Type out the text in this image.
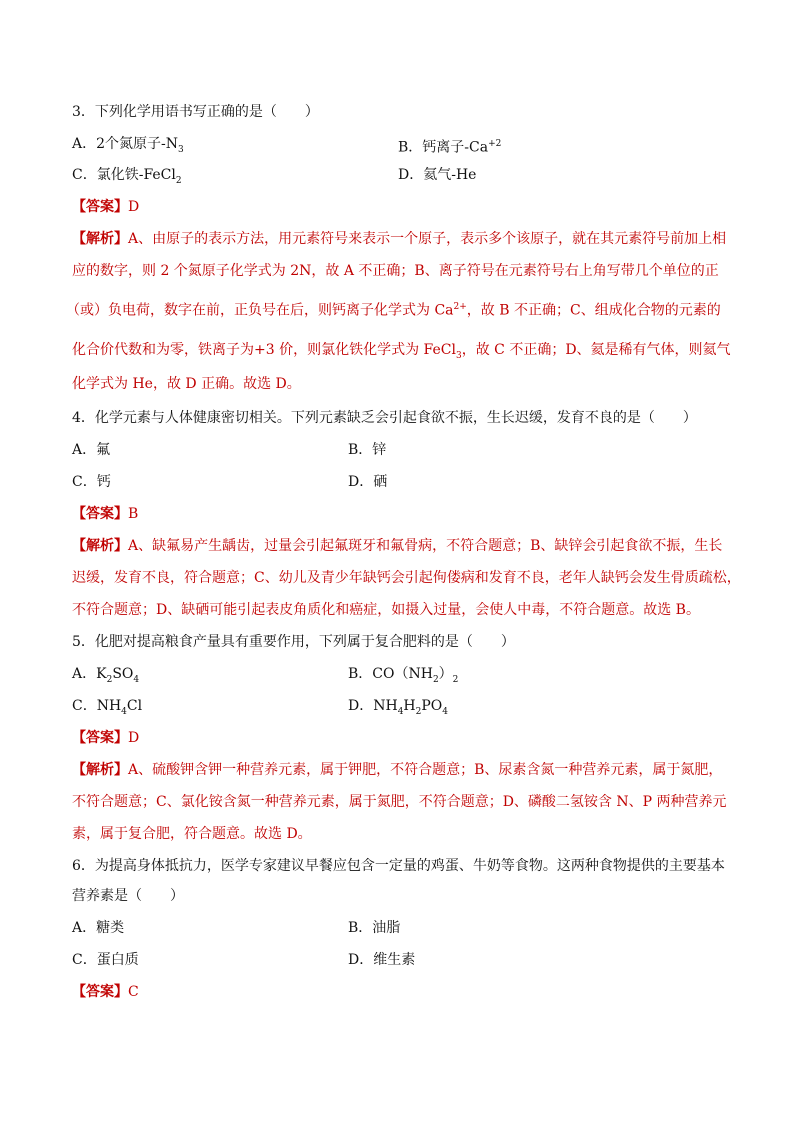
3．下列化学用语书写正确的是（　　）
A．2个氮原子$-N_3$	B．钙离子$-Ca^{+2}$
C．氯化铁-FeCl$_2$	D．氦气-He
【答案】D
【解析】A、由原子的表示方法，用元素符号来表示一个原子，表示多个该原子，就在其元素符号前加上相
应的数字，则 2 个氮原子化学式为 2N，故 A 不正确；B、离子符号在元素符号右上角写带几个单位的正
（或）负电荷，数字在前，正负号在后，则钙离子化学式为 $Ca^{2+}$，故 B 不正确；C、组成化合物的元素的
化合价代数和为零，铁离子为+3 价，则氯化铁化学式为 FeCl$_3$，故 C 不正确；D、氦是稀有气体，则氦气
化学式为 He，故 D 正确。故选 D。
4．化学元素与人体健康密切相关。下列元素缺乏会引起食欲不振，生长迟缓，发育不良的是（　　）
A．氟	B．锌
C．钙	D．硒
【答案】B
【解析】A、缺氟易产生龋齿，过量会引起氟斑牙和氟骨病，不符合题意；B、缺锌会引起食欲不振，生长
迟缓，发育不良，符合题意；C、幼儿及青少年缺钙会引起佝偻病和发育不良，老年人缺钙会发生骨质疏松，
不符合题意；D、缺硒可能引起表皮角质化和癌症，如摄入过量，会使人中毒，不符合题意。故选 B。
5．化肥对提高粮食产量具有重要作用，下列属于复合肥料的是（　　）
A．$K_2SO_4$	B．$CO(NH_2)_2$
C．$NH_4Cl$	D．$NH_4H_2PO_4$
【答案】D
【解析】A、硫酸钾含钾一种营养元素，属于钾肥，不符合题意；B、尿素含氮一种营养元素，属于氮肥，
不符合题意；C、氯化铵含氮一种营养元素，属于氮肥，不符合题意；D、磷酸二氢铵含 N、P 两种营养元
素，属于复合肥，符合题意。故选 D。
6．为提高身体抵抗力，医学专家建议早餐应包含一定量的鸡蛋、牛奶等食物。这两种食物提供的主要基本
营养素是（　　）
A．糖类	B．油脂
C．蛋白质	D．维生素
【答案】C
